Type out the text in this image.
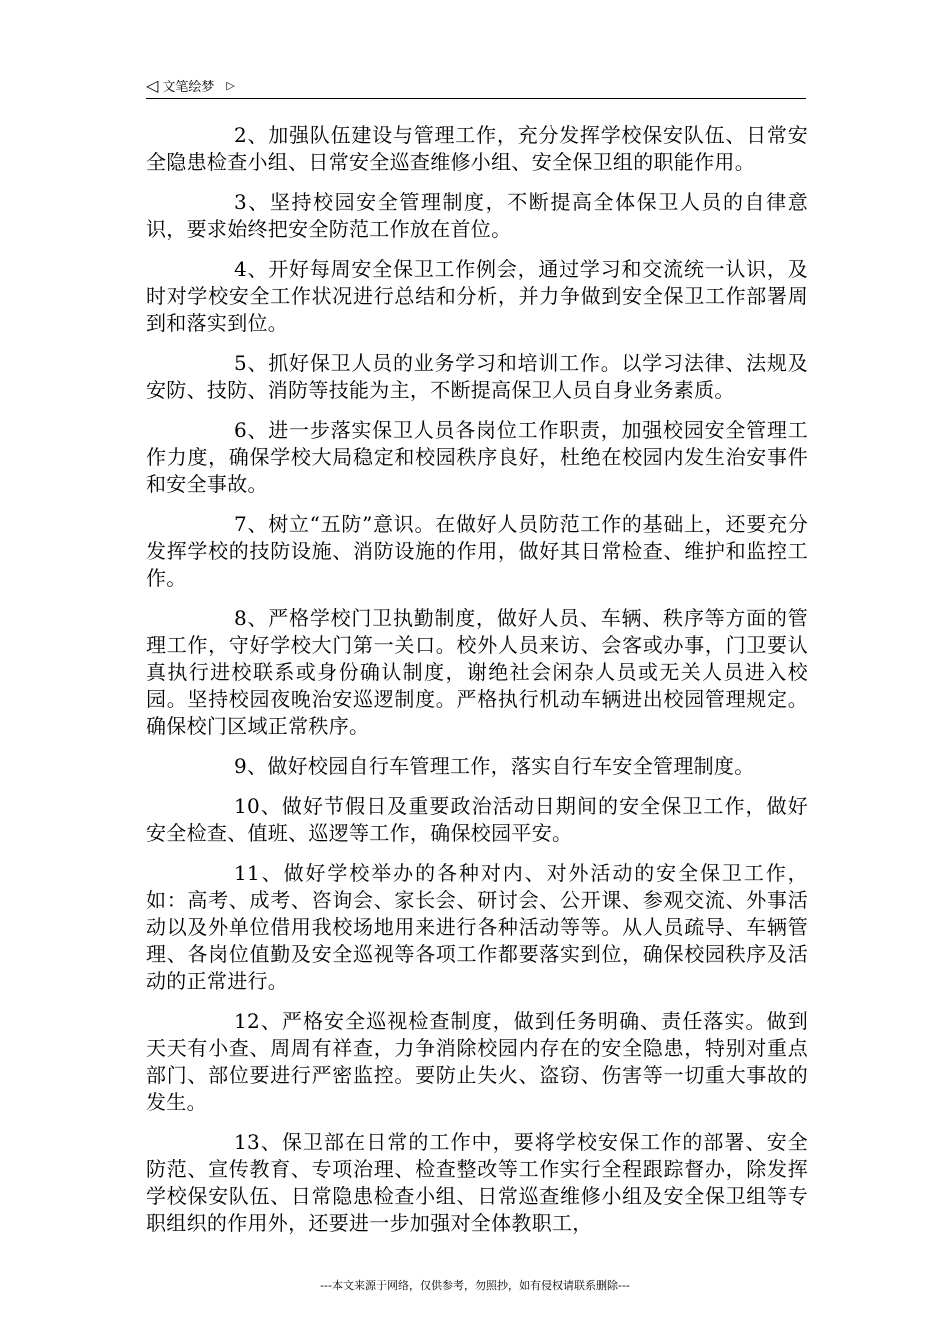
◁ 文笔绘梦 ▷

2、加强队伍建设与管理工作，充分发挥学校保安队伍、日常安全隐患检查小组、日常安全巡查维修小组、安全保卫组的职能作用。

3、坚持校园安全管理制度，不断提高全体保卫人员的自律意识，要求始终把安全防范工作放在首位。

4、开好每周安全保卫工作例会，通过学习和交流统一认识，及时对学校安全工作状况进行总结和分析，并力争做到安全保卫工作部署周到和落实到位。

5、抓好保卫人员的业务学习和培训工作。以学习法律、法规及安防、技防、消防等技能为主，不断提高保卫人员自身业务素质。

6、进一步落实保卫人员各岗位工作职责，加强校园安全管理工作力度，确保学校大局稳定和校园秩序良好，杜绝在校园内发生治安事件和安全事故。

7、树立“五防”意识。在做好人员防范工作的基础上，还要充分发挥学校的技防设施、消防设施的作用，做好其日常检查、维护和监控工作。

8、严格学校门卫执勤制度，做好人员、车辆、秩序等方面的管理工作，守好学校大门第一关口。校外人员来访、会客或办事，门卫要认真执行进校联系或身份确认制度，谢绝社会闲杂人员或无关人员进入校园。坚持校园夜晚治安巡逻制度。严格执行机动车辆进出校园管理规定。确保校门区域正常秩序。

9、做好校园自行车管理工作，落实自行车安全管理制度。

10、做好节假日及重要政治活动日期间的安全保卫工作，做好安全检查、值班、巡逻等工作，确保校园平安。

11、做好学校举办的各种对内、对外活动的安全保卫工作，如：高考、成考、咨询会、家长会、研讨会、公开课、参观交流、外事活动以及外单位借用我校场地用来进行各种活动等等。从人员疏导、车辆管理、各岗位值勤及安全巡视等各项工作都要落实到位，确保校园秩序及活动的正常进行。

12、严格安全巡视检查制度，做到任务明确、责任落实。做到天天有小查、周周有祥查，力争消除校园内存在的安全隐患，特别对重点部门、部位要进行严密监控。要防止失火、盗窃、伤害等一切重大事故的发生。

13、保卫部在日常的工作中，要将学校安保工作的部署、安全防范、宣传教育、专项治理、检查整改等工作实行全程跟踪督办，除发挥学校保安队伍、日常隐患检查小组、日常巡查维修小组及安全保卫组等专职组织的作用外，还要进一步加强对全体教职工，

---本文来源于网络，仅供参考，勿照抄，如有侵权请联系删除---
